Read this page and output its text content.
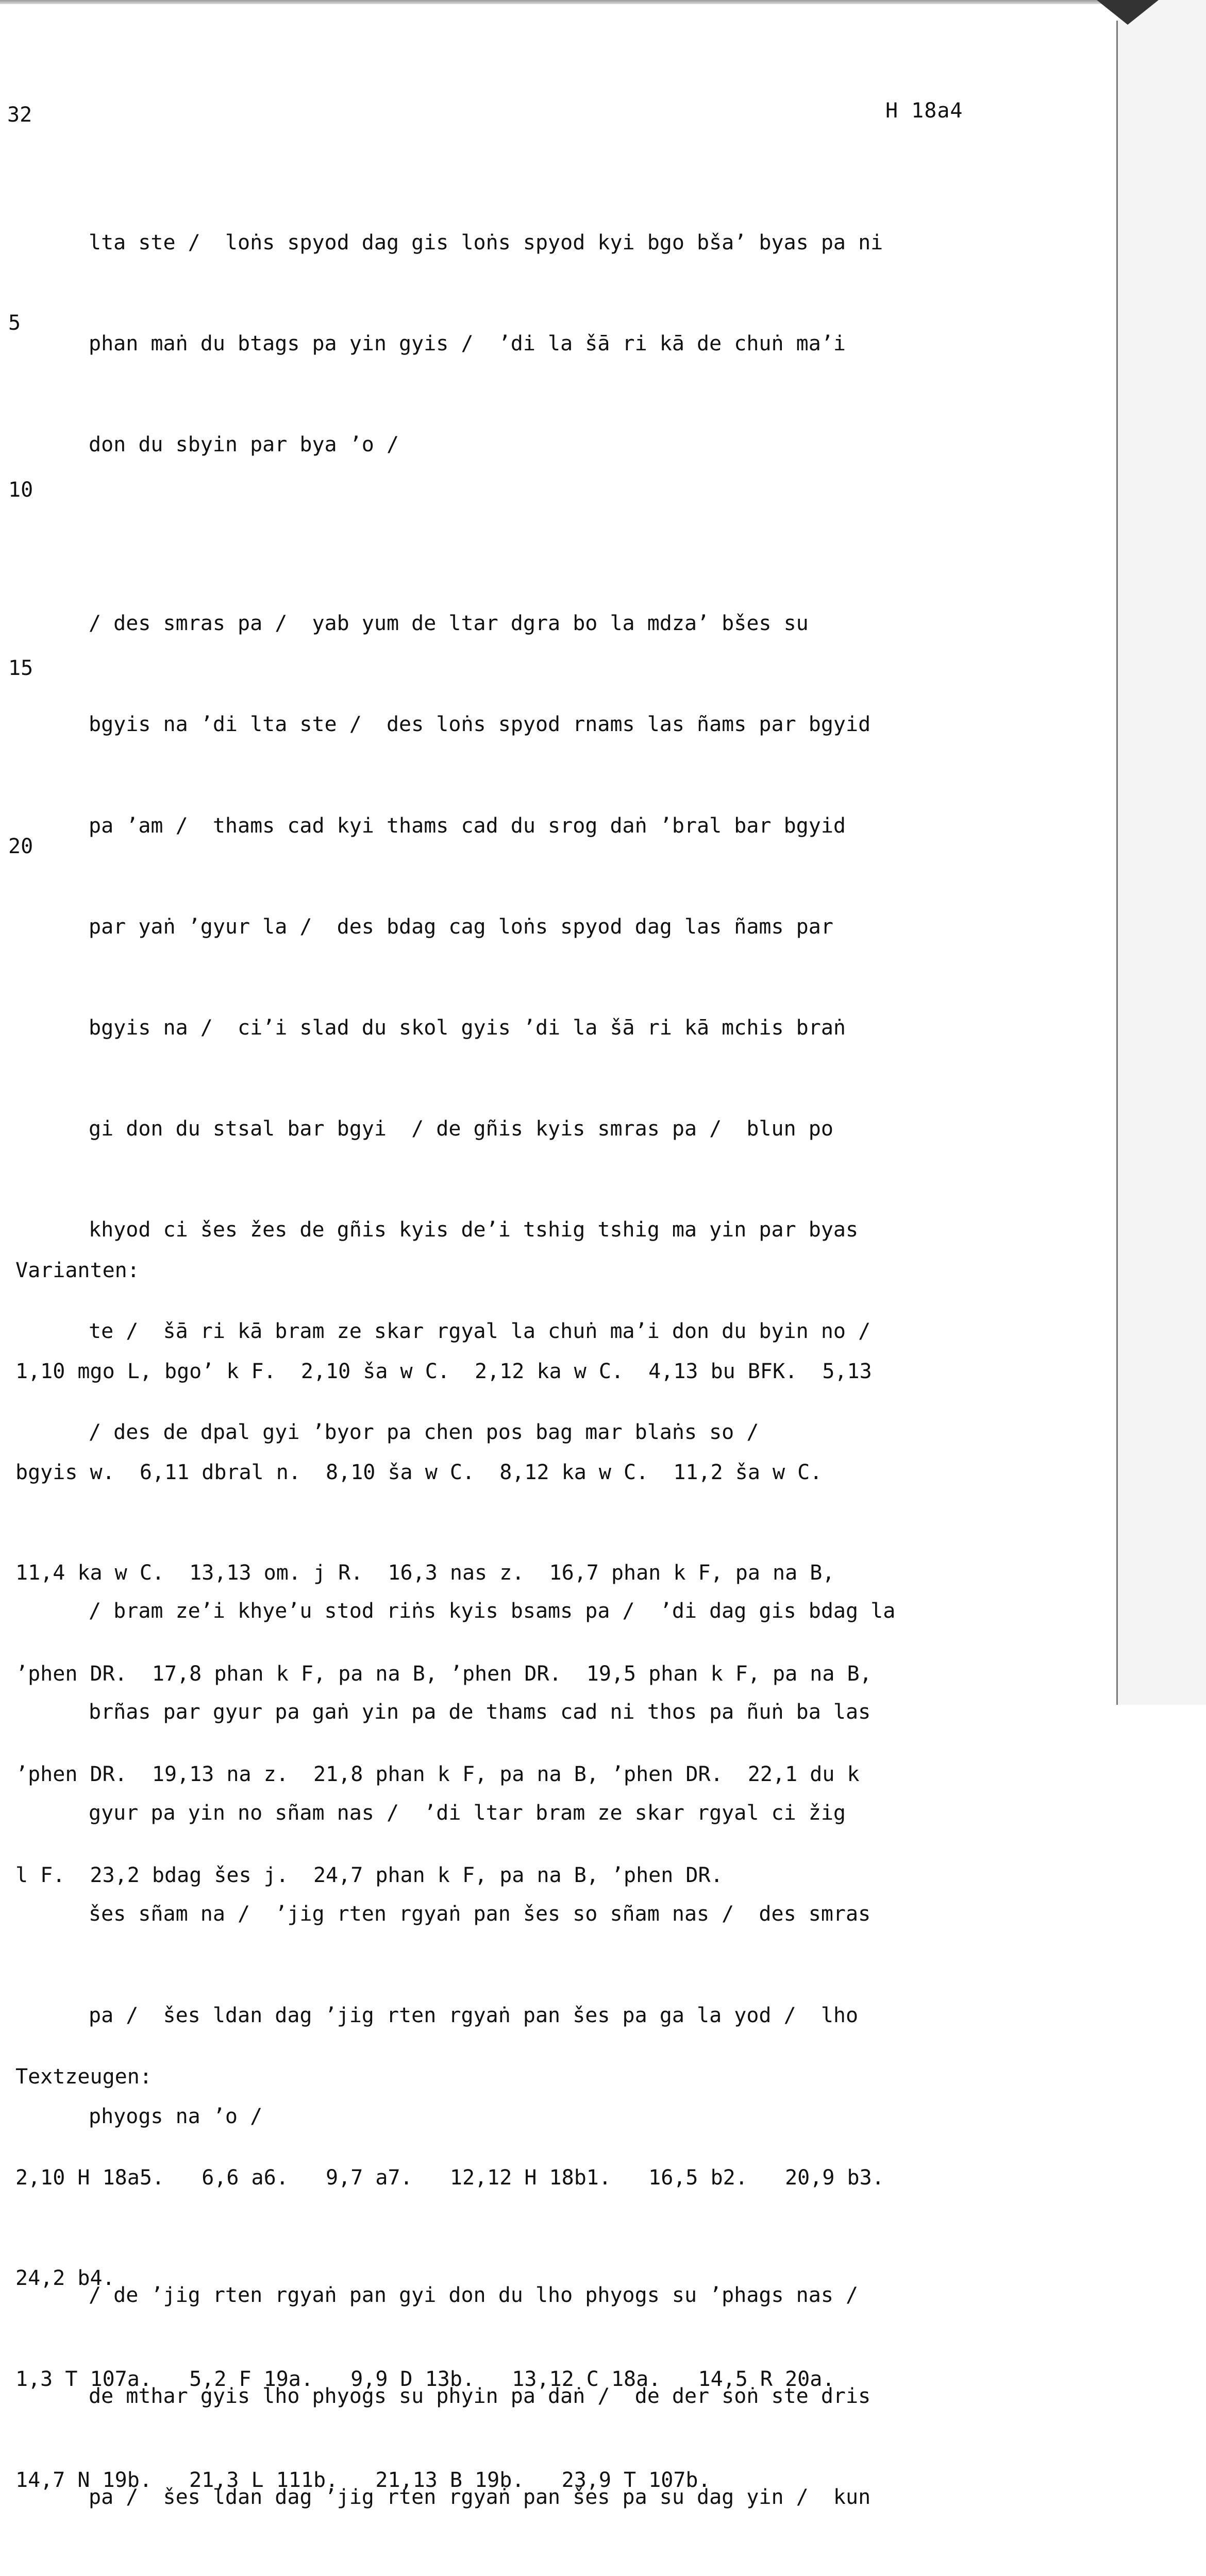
32	H 18a4
5
10
15
20

lta ste /  loṅs spyod dag gis loṅs spyod kyi bgo bša’ byas pa ni

phan maṅ du btags pa yin gyis /  ’di la šā ri kā de chuṅ ma’i

don du sbyin par bya ’o /

/ des smras pa /  yab yum de ltar dgra bo la mdza’ bšes su

bgyis na ’di lta ste /  des loṅs spyod rnams las ñams par bgyid

pa ’am /  thams cad kyi thams cad du srog daṅ ’bral bar bgyid

par yaṅ ’gyur la /  des bdag cag loṅs spyod dag las ñams par

bgyis na /  ci’i slad du skol gyis ’di la šā ri kā mchis braṅ

gi don du stsal bar bgyi  / de gñis kyis smras pa /  blun po

khyod ci šes žes de gñis kyis de’i tshig tshig ma yin par byas

te /  šā ri kā bram ze skar rgyal la chuṅ ma’i don du byin no /

/ des de dpal gyi ’byor pa chen pos bag mar blaṅs so /

/ bram ze’i khye’u stod riṅs kyis bsams pa /  ’di dag gis bdag la

brñas par gyur pa gaṅ yin pa de thams cad ni thos pa ñuṅ ba las

gyur pa yin no sñam nas /  ’di ltar bram ze skar rgyal ci žig

šes sñam na /  ’jig rten rgyaṅ pan šes so sñam nas /  des smras

pa /  šes ldan dag ’jig rten rgyaṅ pan šes pa ga la yod /  lho

phyogs na ’o /

/ de ’jig rten rgyaṅ pan gyi don du lho phyogs su ’phags nas /

de mthar gyis lho phyogs su phyin pa daṅ /  de der soṅ ste dris

pa /  šes ldan dag ’jig rten rgyaṅ pan šes pa su dag yin /  kun

Varianten:

1,10 mgo L, bgo’ k F.  2,10 ša w C.  2,12 ka w C.  4,13 bu BFK.  5,13

bgyis w.  6,11 dbral n.  8,10 ša w C.  8,12 ka w C.  11,2 ša w C.

11,4 ka w C.  13,13 om. j R.  16,3 nas z.  16,7 phan k F, pa na B,

’phen DR.  17,8 phan k F, pa na B, ’phen DR.  19,5 phan k F, pa na B,

’phen DR.  19,13 na z.  21,8 phan k F, pa na B, ’phen DR.  22,1 du k

l F.  23,2 bdag šes j.  24,7 phan k F, pa na B, ’phen DR.

Textzeugen:

2,10 H 18a5.   6,6 a6.   9,7 a7.   12,12 H 18b1.   16,5 b2.   20,9 b3.

24,2 b4.

1,3 T 107a.   5,2 F 19a.   9,9 D 13b.   13,12 C 18a.   14,5 R 20a.

14,7 N 19b.   21,3 L 111b.   21,13 B 19b.   23,9 T 107b.
